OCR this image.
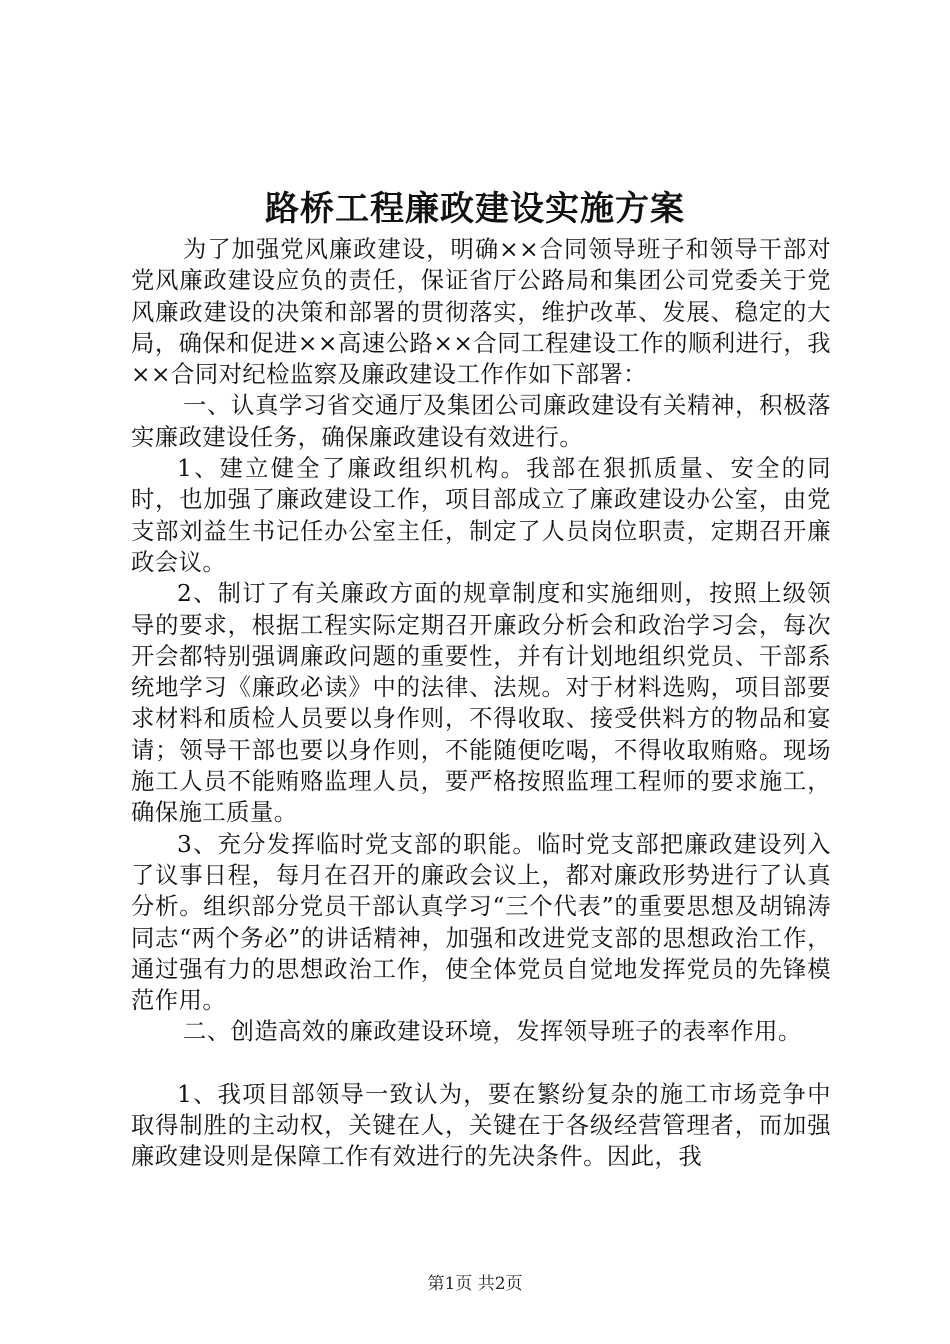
路桥工程廉政建设实施方案

为了加强党风廉政建设，明确××合同领导班子和领导干部对党风廉政建设应负的责任，保证省厅公路局和集团公司党委关于党风廉政建设的决策和部署的贯彻落实，维护改革、发展、稳定的大局，确保和促进××高速公路××合同工程建设工作的顺利进行，我××合同对纪检监察及廉政建设工作作如下部署：

一、认真学习省交通厅及集团公司廉政建设有关精神，积极落实廉政建设任务，确保廉政建设有效进行。

1、建立健全了廉政组织机构。我部在狠抓质量、安全的同时，也加强了廉政建设工作，项目部成立了廉政建设办公室，由党支部刘益生书记任办公室主任，制定了人员岗位职责，定期召开廉政会议。

2、制订了有关廉政方面的规章制度和实施细则，按照上级领导的要求，根据工程实际定期召开廉政分析会和政治学习会，每次开会都特别强调廉政问题的重要性，并有计划地组织党员、干部系统地学习《廉政必读》中的法律、法规。对于材料选购，项目部要求材料和质检人员要以身作则，不得收取、接受供料方的物品和宴请；领导干部也要以身作则，不能随便吃喝，不得收取贿赂。现场施工人员不能贿赂监理人员，要严格按照监理工程师的要求施工，确保施工质量。

3、充分发挥临时党支部的职能。临时党支部把廉政建设列入了议事日程，每月在召开的廉政会议上，都对廉政形势进行了认真分析。组织部分党员干部认真学习“三个代表”的重要思想及胡锦涛同志“两个务必”的讲话精神，加强和改进党支部的思想政治工作，通过强有力的思想政治工作，使全体党员自觉地发挥党员的先锋模范作用。

二、创造高效的廉政建设环境，发挥领导班子的表率作用。

1、我项目部领导一致认为，要在繁纷复杂的施工市场竞争中取得制胜的主动权，关键在人，关键在于各级经营管理者，而加强廉政建设则是保障工作有效进行的先决条件。因此，我

第1页 共2页
